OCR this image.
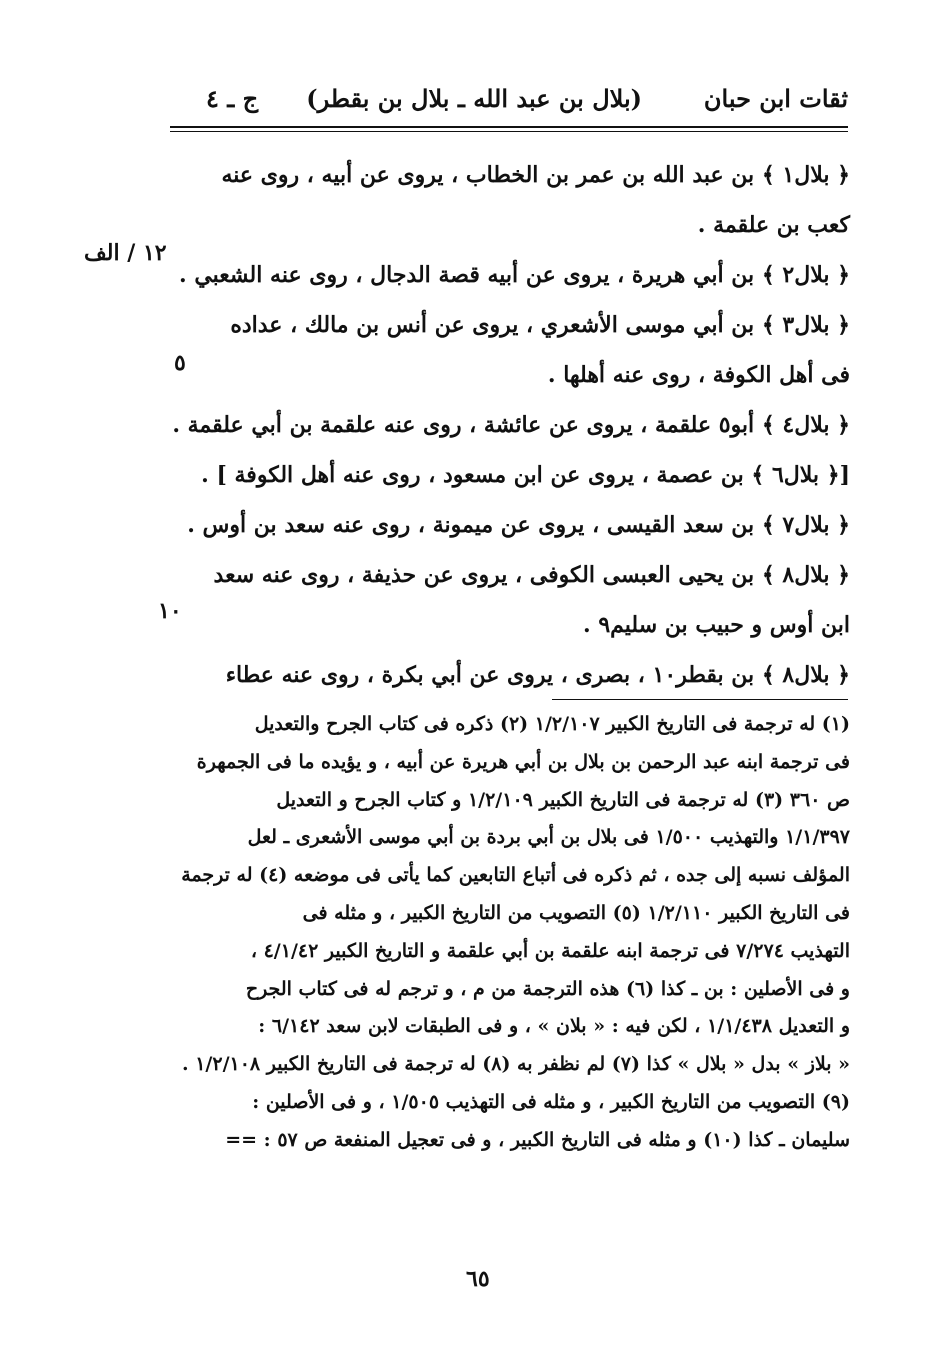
ثقات ابن حبان
(بلال بن عبد الله ـ بلال بن بقطر)
ج ـ ٤
١٢ / الف
٥
١٠
﴿ بلال١ ﴾ بن عبد الله بن عمر بن الخطاب ، يروى عن أبيه ، روى عنه
كعب بن علقمة .
﴿ بلال٢ ﴾ بن أبي هريرة ، يروى عن أبيه قصة الدجال ، روى عنه الشعبي .
﴿ بلال٣ ﴾ بن أبي موسى الأشعري ، يروى عن أنس بن مالك ، عداده
فى أهل الكوفة ، روى عنه أهلها .
﴿ بلال٤ ﴾ أبو٥ علقمة ، يروى عن عائشة ، روى عنه علقمة بن أبي علقمة .
[﴿ بلال٦ ﴾ بن عصمة ، يروى عن ابن مسعود ، روى عنه أهل الكوفة ] .
﴿ بلال٧ ﴾ بن سعد القيسى ، يروى عن ميمونة ، روى عنه سعد بن أوس .
﴿ بلال٨ ﴾ بن يحيى العبسى الكوفى ، يروى عن حذيفة ، روى عنه سعد
ابن أوس و حبيب بن سليم٩ .
﴿ بلال٨ ﴾ بن بقطر١٠ ، بصرى ، يروى عن أبي بكرة ، روى عنه عطاء
(١) له ترجمة فى التاريخ الكبير ١/٢/١٠٧ (٢) ذكره فى كتاب الجرح والتعديل
فى ترجمة ابنه عبد الرحمن بن بلال بن أبي هريرة عن أبيه ، و يؤيده ما فى الجمهرة
ص ٣٦٠ (٣) له ترجمة فى التاريخ الكبير ١/٢/١٠٩ و كتاب الجرح و التعديل
١/١/٣٩٧ والتهذيب ١/٥٠٠ فى بلال بن أبي بردة بن أبي موسى الأشعرى ـ لعل
المؤلف نسبه إلى جده ، ثم ذكره فى أتباع التابعين كما يأتى فى موضعه (٤) له ترجمة
فى التاريخ الكبير ١/٢/١١٠ (٥) التصويب من التاريخ الكبير ، و مثله فى
التهذيب ٧/٢٧٤ فى ترجمة ابنه علقمة بن أبي علقمة و التاريخ الكبير ٤/١/٤٢ ،
و فى الأصلين : بن ـ كذا (٦) هذه الترجمة من م ، و ترجم له فى كتاب الجرح
و التعديل ١/١/٤٣٨ ، لكن فيه : « بلان » ، و فى الطبقات لابن سعد ٦/١٤٢ :
« بلاز » بدل « بلال » كذا (٧) لم نظفر به (٨) له ترجمة فى التاريخ الكبير ١/٢/١٠٨ .
(٩) التصويب من التاريخ الكبير ، و مثله فى التهذيب ١/٥٠٥ ، و فى الأصلين :
سليمان ـ كذا (١٠) و مثله فى التاريخ الكبير ، و فى تعجيل المنفعة ص ٥٧ : ==
٦٥
